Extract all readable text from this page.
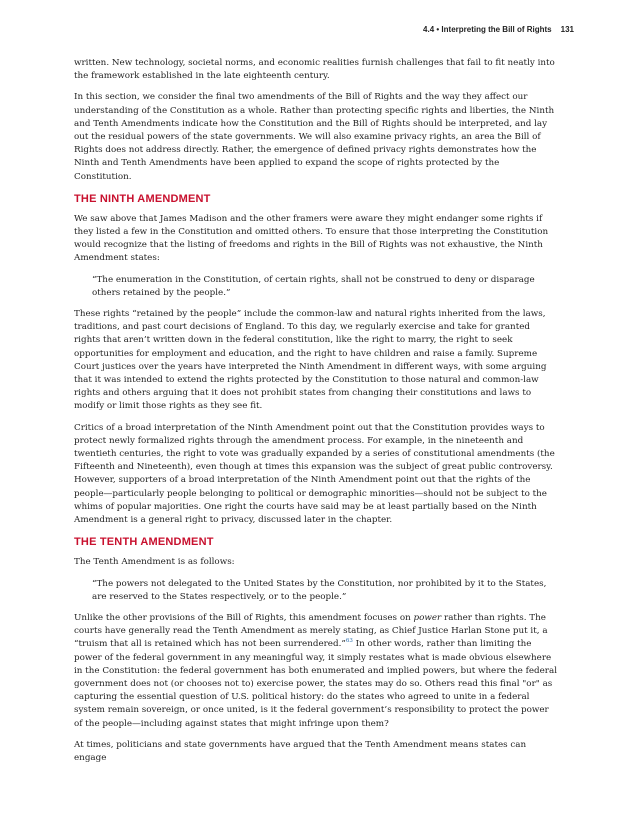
4.4 • Interpreting the Bill of Rights 131

written. New technology, societal norms, and economic realities furnish challenges that fail to fit neatly into the framework established in the late eighteenth century.

In this section, we consider the final two amendments of the Bill of Rights and the way they affect our understanding of the Constitution as a whole. Rather than protecting specific rights and liberties, the Ninth and Tenth Amendments indicate how the Constitution and the Bill of Rights should be interpreted, and lay out the residual powers of the state governments. We will also examine privacy rights, an area the Bill of Rights does not address directly. Rather, the emergence of defined privacy rights demonstrates how the Ninth and Tenth Amendments have been applied to expand the scope of rights protected by the Constitution.

THE NINTH AMENDMENT

We saw above that James Madison and the other framers were aware they might endanger some rights if they listed a few in the Constitution and omitted others. To ensure that those interpreting the Constitution would recognize that the listing of freedoms and rights in the Bill of Rights was not exhaustive, the Ninth Amendment states:

“The enumeration in the Constitution, of certain rights, shall not be construed to deny or disparage others retained by the people.”

These rights “retained by the people” include the common-law and natural rights inherited from the laws, traditions, and past court decisions of England. To this day, we regularly exercise and take for granted rights that aren’t written down in the federal constitution, like the right to marry, the right to seek opportunities for employment and education, and the right to have children and raise a family. Supreme Court justices over the years have interpreted the Ninth Amendment in different ways, with some arguing that it was intended to extend the rights protected by the Constitution to those natural and common-law rights and others arguing that it does not prohibit states from changing their constitutions and laws to modify or limit those rights as they see fit.

Critics of a broad interpretation of the Ninth Amendment point out that the Constitution provides ways to protect newly formalized rights through the amendment process. For example, in the nineteenth and twentieth centuries, the right to vote was gradually expanded by a series of constitutional amendments (the Fifteenth and Nineteenth), even though at times this expansion was the subject of great public controversy. However, supporters of a broad interpretation of the Ninth Amendment point out that the rights of the people—particularly people belonging to political or demographic minorities—should not be subject to the whims of popular majorities. One right the courts have said may be at least partially based on the Ninth Amendment is a general right to privacy, discussed later in the chapter.

THE TENTH AMENDMENT

The Tenth Amendment is as follows:

“The powers not delegated to the United States by the Constitution, nor prohibited by it to the States, are reserved to the States respectively, or to the people.”

Unlike the other provisions of the Bill of Rights, this amendment focuses on power rather than rights. The courts have generally read the Tenth Amendment as merely stating, as Chief Justice Harlan Stone put it, a “truism that all is retained which has not been surrendered.”$^{63}$ In other words, rather than limiting the power of the federal government in any meaningful way, it simply restates what is made obvious elsewhere in the Constitution: the federal government has both enumerated and implied powers, but where the federal government does not (or chooses not to) exercise power, the states may do so. Others read this final "or" as capturing the essential question of U.S. political history: do the states who agreed to unite in a federal system remain sovereign, or once united, is it the federal government’s responsibility to protect the power of the people—including against states that might infringe upon them?

At times, politicians and state governments have argued that the Tenth Amendment means states can engage
